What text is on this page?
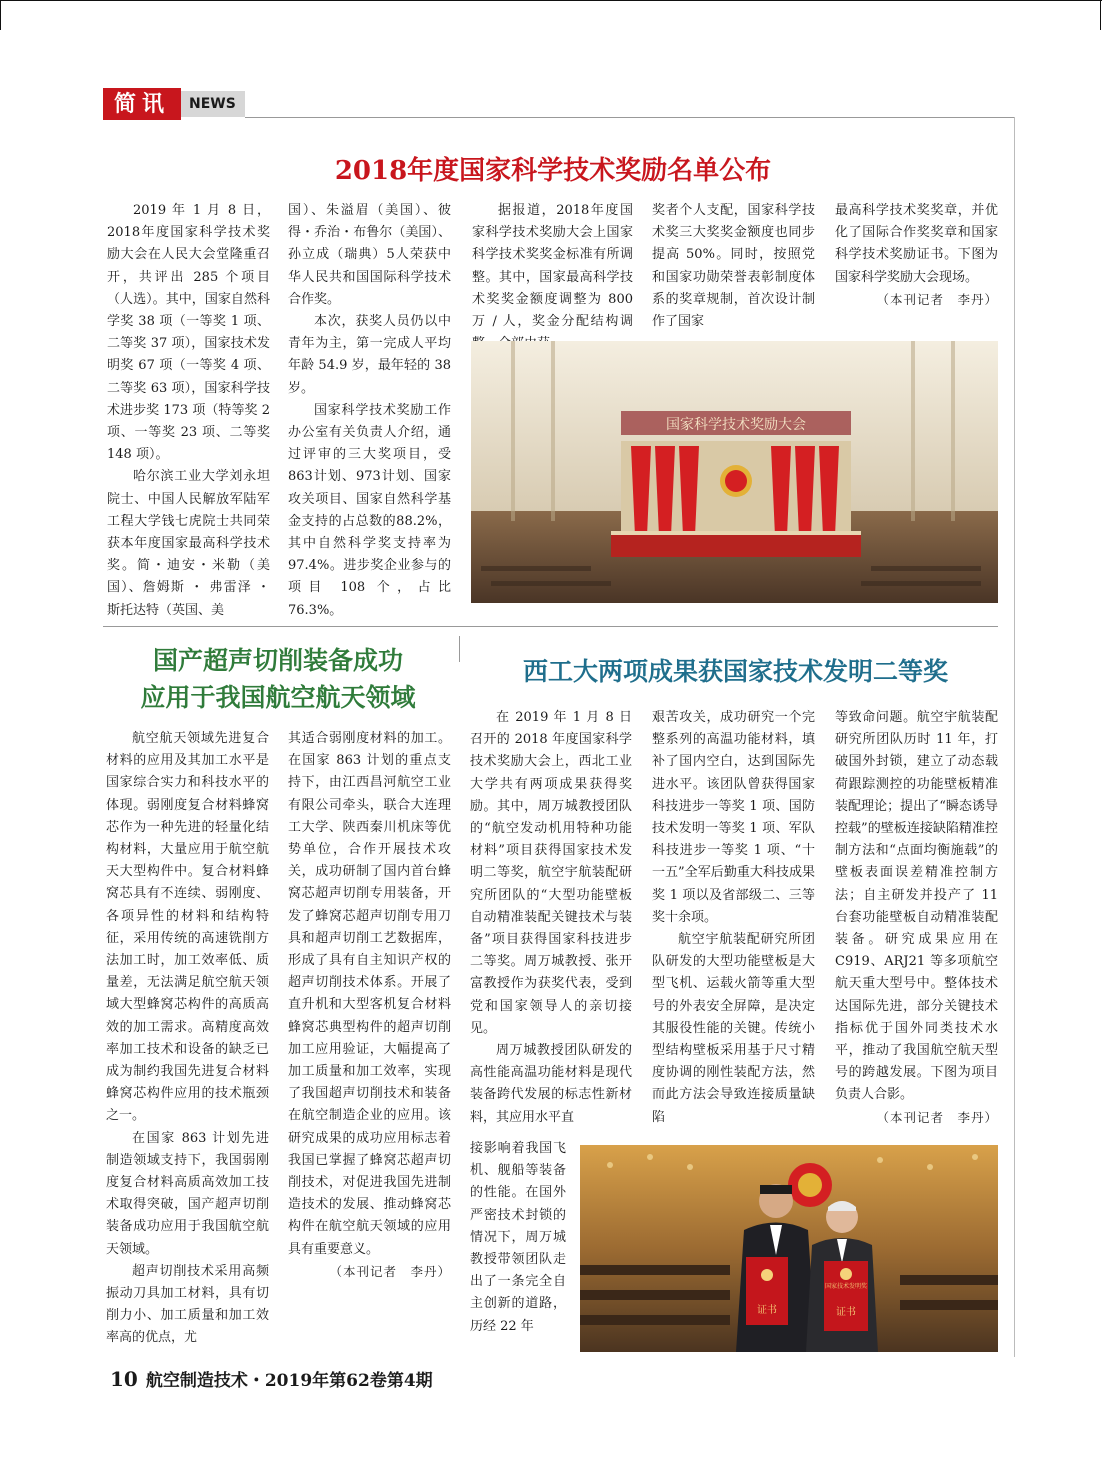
简讯	NEWS
2018年度国家科学技术奖励名单公布

2019 年 1 月 8 日，2018年度国家科学技术奖励大会在人民大会堂隆重召开，共评出 285 个项目（人选）。其中，国家自然科学奖 38 项（一等奖 1 项、二等奖 37 项），国家技术发明奖 67 项（一等奖 4 项、二等奖 63 项），国家科学技术进步奖 173 项（特等奖 2 项、一等奖 23 项、二等奖 148 项）。

哈尔滨工业大学刘永坦院士、中国人民解放军陆军工程大学钱七虎院士共同荣获本年度国家最高科学技术奖。简・迪安・米勒（美国）、詹姆斯 ・ 弗雷泽 ・ 斯托达特（英国、美

国）、朱溢眉（美国）、彼得・乔治・布鲁尔（美国）、孙立成（瑞典）5人荣获中华人民共和国国际科学技术合作奖。

本次，获奖人员仍以中青年为主，第一完成人平均年龄 54.9 岁，最年轻的 38 岁。

国家科学技术奖励工作办公室有关负责人介绍，通过评审的三大奖项目，受863计划、973计划、国家攻关项目、国家自然科学基金支持的占总数的88.2%，其中自然科学奖支持率为97.4%。进步奖企业参与的项目 108 个，占比 76.3%。

据报道，2018年度国家科学技术奖励大会上国家科学技术奖奖金标准有所调整。其中，国家最高科学技术奖奖金额度调整为 800 万 / 人，奖金分配结构调

奖者个人支配，国家科学技术奖三大奖奖金额度也同步提高 50%。同时，按照党和国家功勋荣誉表彰制度体系的奖章规制，首次设计制作了国家

最高科学技术奖奖章，并优化了国际合作奖奖章和国家科学技术奖励证书。下图为国家科学奖励大会现场。

（本刊记者　李丹）

国家科学技术奖励大会
国产超声切削装备成功
应用于我国航空航天领域

航空航天领域先进复合材料的应用及其加工水平是国家综合实力和科技水平的体现。弱刚度复合材料蜂窝芯作为一种先进的轻量化结构材料，大量应用于航空航天大型构件中。复合材料蜂窝芯具有不连续、弱刚度、各项异性的材料和结构特征，采用传统的高速铣削方法加工时，加工效率低、质量差，无法满足航空航天领域大型蜂窝芯构件的高质高效的加工需求。高精度高效率加工技术和设备的缺乏已成为制约我国先进复合材料蜂窝芯构件应用的技术瓶颈之一。

在国家 863 计划先进制造领域支持下，我国弱刚度复合材料高质高效加工技术取得突破，国产超声切削装备成功应用于我国航空航天领域。

超声切削技术采用高频振动刀具加工材料，具有切削力小、加工质量和加工效率高的优点，尤

其适合弱刚度材料的加工。在国家 863 计划的重点支持下，由江西昌河航空工业有限公司牵头，联合大连理工大学、陕西秦川机床等优势单位，合作开展技术攻关，成功研制了国内首台蜂窝芯超声切削专用装备，开发了蜂窝芯超声切削专用刀具和超声切削工艺数据库，形成了具有自主知识产权的超声切削技术体系。开展了直升机和大型客机复合材料蜂窝芯典型构件的超声切削加工应用验证，大幅提高了加工质量和加工效率，实现了我国超声切削技术和装备在航空制造企业的应用。该研究成果的成功应用标志着我国已掌握了蜂窝芯超声切削技术，对促进我国先进制造技术的发展、推动蜂窝芯构件在航空航天领域的应用具有重要意义。

（本刊记者　李丹）

西工大两项成果获国家技术发明二等奖

在 2019 年 1 月 8 日召开的 2018 年度国家科学技术奖励大会上，西北工业大学共有两项成果获得奖励。其中，周万城教授团队的“航空发动机用特种功能材料”项目获得国家技术发明二等奖，航空宇航装配研究所团队的“大型功能壁板自动精准装配关键技术与装备”项目获得国家科技进步二等奖。周万城教授、张开富教授作为获奖代表，受到党和国家领导人的亲切接见。

周万城教授团队研发的高性能高温功能材料是现代装备跨代发展的标志性新材料，其应用水平直

接影响着我国飞机、舰船等装备的性能。在国外严密技术封锁的情况下，周万城教授带领团队走出了一条完全自主创新的道路，历经 22 年

艰苦攻关，成功研究一个完整系列的高温功能材料，填补了国内空白，达到国际先进水平。该团队曾获得国家科技进步一等奖 1 项、国防技术发明一等奖 1 项、军队科技进步一等奖 1 项、“十一五”全军后勤重大科技成果奖 1 项以及省部级二、三等奖十余项。

航空宇航装配研究所团队研发的大型功能壁板是大型飞机、运载火箭等重大型号的外表安全屏障，是决定其服役性能的关键。传统小型结构壁板采用基于尺寸精度协调的刚性装配方法，然而此方法会导致连接质量缺陷

等致命问题。航空宇航装配研究所团队历时 11 年，打破国外封锁，建立了动态载荷跟踪测控的功能壁板精准装配理论；提出了“瞬态诱导控载”的壁板连接缺陷精准控制方法和“点面均衡施载”的壁板表面误差精准控制方法；自主研发并投产了 11 台套功能壁板自动精准装配装备。研究成果应用在 C919、ARJ21 等多项航空航天重大型号中。整体技术达国际先进，部分关键技术指标优于国外同类技术水平，推动了我国航空航天型号的跨越发展。下图为项目负责人合影。

（本刊记者　李丹）

证书
国家技术发明奖
证书
10 航空制造技术・2019年第62卷第4期
